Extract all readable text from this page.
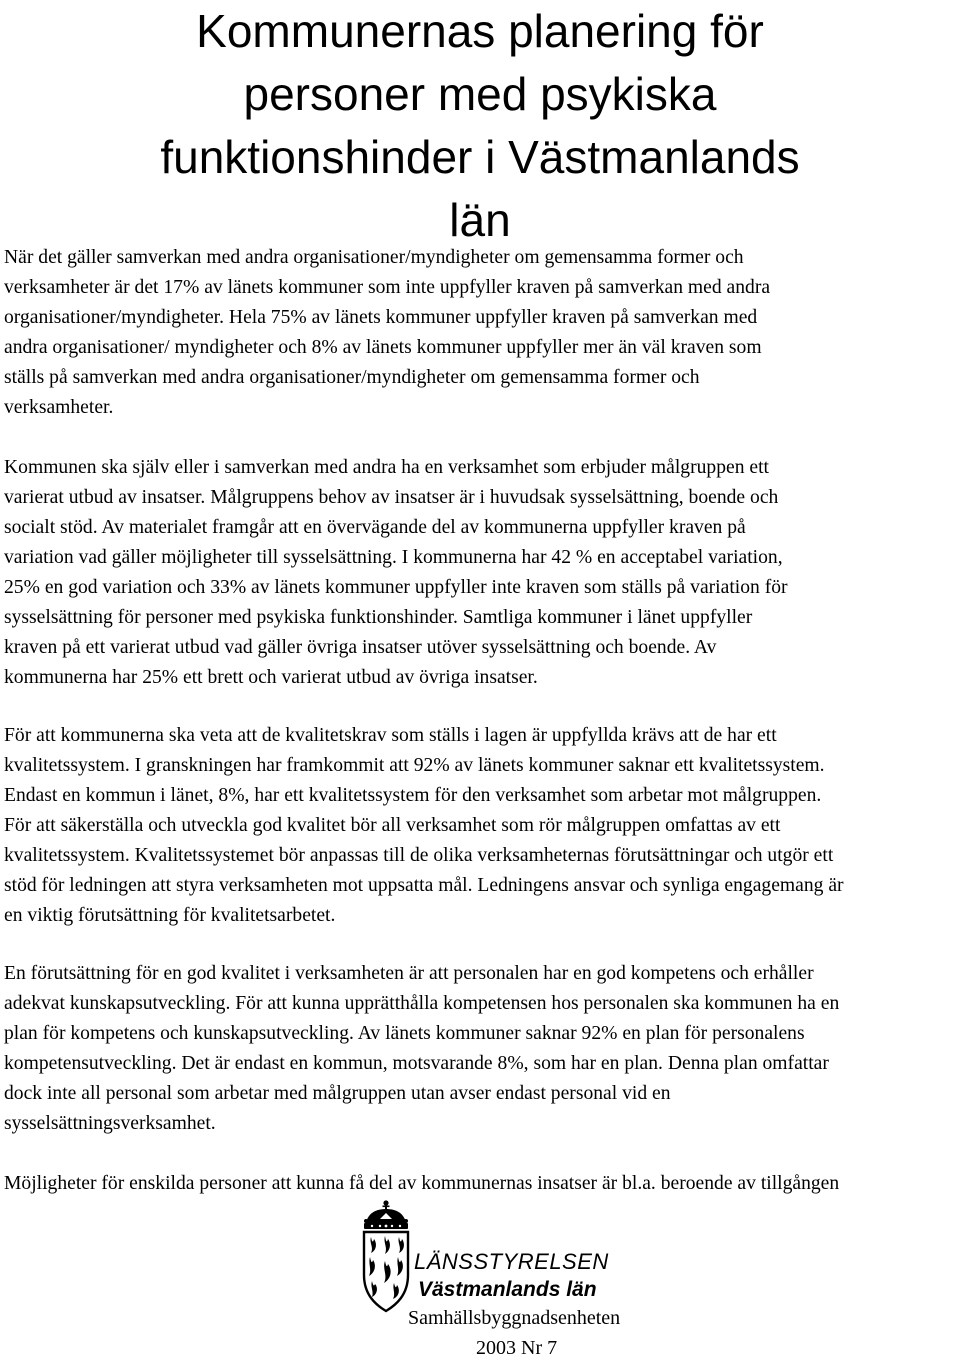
Kommunernas planering för
personer med psykiska
funktionshinder i Västmanlands
län

När det gäller samverkan med andra organisationer/myndigheter om gemensamma former och
verksamheter är det 17% av länets kommuner som inte uppfyller kraven på samverkan med andra
organisationer/myndigheter. Hela 75% av länets kommuner uppfyller kraven på samverkan med
andra organisationer/ myndigheter och 8% av länets kommuner uppfyller mer än väl kraven som
ställs på samverkan med andra organisationer/myndigheter om gemensamma former och
verksamheter.

Kommunen ska själv eller i samverkan med andra ha en verksamhet som erbjuder målgruppen ett
varierat utbud av insatser. Målgruppens behov av insatser är i huvudsak sysselsättning, boende och
socialt stöd. Av materialet framgår att en övervägande del av kommunerna uppfyller kraven på
variation vad gäller möjligheter till sysselsättning. I kommunerna har 42 % en acceptabel variation,
25% en god variation och 33% av länets kommuner uppfyller inte kraven som ställs på variation för
sysselsättning för personer med psykiska funktionshinder. Samtliga kommuner i länet uppfyller
kraven på ett varierat utbud vad gäller övriga insatser utöver sysselsättning och boende. Av
kommunerna har 25% ett brett och varierat utbud av övriga insatser.

För att kommunerna ska veta att de kvalitetskrav som ställs i lagen är uppfyllda krävs att de har ett
kvalitetssystem. I granskningen har framkommit att 92% av länets kommuner saknar ett kvalitetssystem.
Endast en kommun i länet, 8%, har ett kvalitetssystem för den verksamhet som arbetar mot målgruppen.
För att säkerställa och utveckla god kvalitet bör all verksamhet som rör målgruppen omfattas av ett
kvalitetssystem. Kvalitetssystemet bör anpassas till de olika verksamheternas förutsättningar och utgör ett
stöd för ledningen att styra verksamheten mot uppsatta mål. Ledningens ansvar och synliga engagemang är
en viktig förutsättning för kvalitetsarbetet.

En förutsättning för en god kvalitet i verksamheten är att personalen har en god kompetens och erhåller
adekvat kunskapsutveckling. För att kunna upprätthålla kompetensen hos personalen ska kommunen ha en
plan för kompetens och kunskapsutveckling. Av länets kommuner saknar 92% en plan för personalens
kompetensutveckling. Det är endast en kommun, motsvarande 8%, som har en plan. Denna plan omfattar
dock inte all personal som arbetar med målgruppen utan avser endast personal vid en
sysselsättningsverksamhet.

Möjligheter för enskilda personer att kunna få del av kommunernas insatser är bl.a. beroende av tillgången

LÄNSSTYRELSEN
Västmanlands län
Samhällsbyggnadsenheten
2003 Nr 7
